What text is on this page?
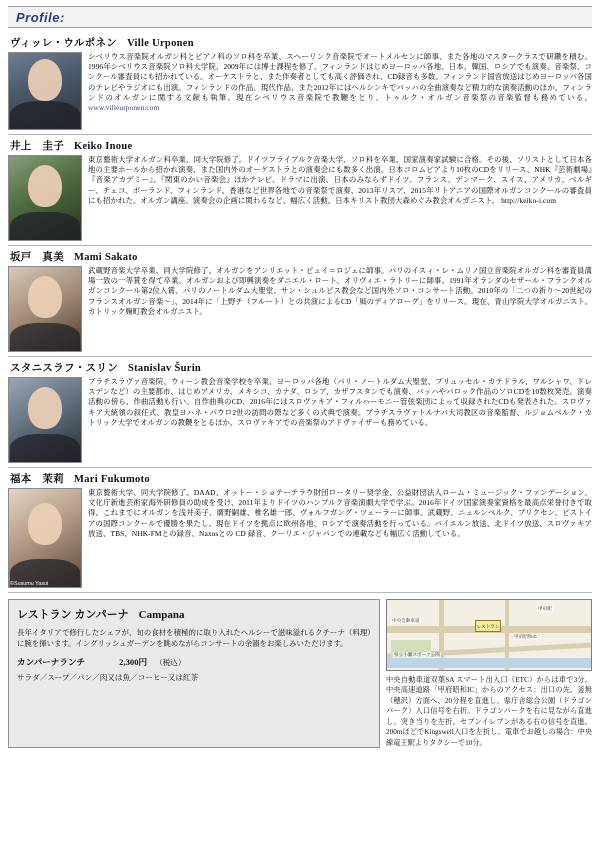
Profile:
ヴィッレ・ウルポネン Ville Urponen
シベリウス音楽院オルガン科とピアノ科のソロ科を卒業、スヘーリンク音楽院でオートメルセンに師事、また各地のマスタークラスで研鑽を積む。1996年シベリウス音楽院ソロ科大学院、2009年には博士課程を修了。フィンランドはじめヨーロッパ各地、日本、韓国、ロシアでも演奏、音楽祭、コンクール審査員にも招かれている。オーケストラと、また伴奏者としても高く評価され、CD録音も多数。フィンランド国営放送はじめヨーロッパ各国のテレビやラジオにも出演。フィンランドの作品、現代作品、また2012年にはヘルシンキでバッハの全曲演奏など精力的な演奏活動のほか、フィンランドのオルガンに関する文献も執筆。現在シベリウス音楽院で教鞭をとり、トゥルク・オルガン音楽祭の音楽監督も務めている。 www.villeurponen.com
井上　圭子 Keiko Inoue
東京藝術大学オルガン科卒業、同大学院修了。ドイツフライブルク音楽大学、ソロ科を卒業、国家演奏家試験に合格。その後、ソリストとして日本各地の主要ホールから招かれ演奏、また国内外のオーケストラとの演奏会にも数多く出演。日本コロムビアより10枚のCDをリリース、NHK『芸術劇場』『音楽アカデミー』、『関東のかい音楽会』ほかテレビ、ドラマに出演、日本のみならずドイツ、フランス、デンマーク、スイス、アメリカ、ベルギー、チェコ、ポーランド、フィンランド、香港など世界各地での音楽祭で演奏、2013年リスア、2015年リトアニアの国際オルガンコンクールの審査員にも招かれた。オルガン講座、演奏会の企画に関わるなど、幅広く活動。日本キリスト教団大森めぐみ教会オルガニスト。 http://keiko-i.com
坂戸　真美 Mami Sakato
武蔵野音楽大学卒業、同大学院修了。オルガンをアンリエット・ピュイ＝ロジェに師事。パリのイスィ・レ・ムリノ国立音楽院オルガン科を審査員満場一致の一等賞を得て卒業。オルガンおよび即興演奏をダニエル・ロート、オリヴィエ・ラトリーに師事。1991年オランダのセザール・フランクオルガンコンクール第2位入賞、パリのノートルダム大聖堂、サン・シュルピス教会など国内外ソロ・コンサート活動。2010年の「二つの祈り〜20世紀のフランスオルガン音楽〜」、2014年に「上野チ（フルート）との共演によるCD「風のディアローグ」をリリース。現在、青山学院大学オルガニスト。カトリック麹町教会オルガニスト。
スタニスラフ・スリン Stanislav Šurin
ブラチスラヴァ音楽院、ウィーン教会音楽学校を卒業、ヨーロッパ各地（パリ・ノートルダム大聖堂、ブリュッセル・カテドラル、ワルシャワ、ドレスデンなど）の主要都市、はじめアメリカ、メキシコ、カナダ、ロシア、カザフスタンでも演奏、バッハやバロック作品のソロCDを10数枚発売。演奏活動の傍ら、作曲活動も行い、自作曲典のCD、2016年にはスロヴァキア・フィルハーモニー管弦楽団によって収録されたCDも発表された。スロヴァキア大統領の叙任式、教皇ヨハネ・パウロ2世の訪問の際など多くの式典で演奏。ブラチスラヴァトルナバ大司教区の音楽監督、ルジョムベルク・カトリック大学でオルガンの教鞭をとるほか、スロヴァキアでの音楽祭のアドヴァイザーも務めている。
福本　茉莉 Mari Fukumoto
©Susumu Yasui
東京藝術大学、同大学院修了。DAAD、オットー・ショテーテラウ財団ロータリー奨学金、公益財団法人ローム・ミュージック・ファンデーション、文化庁新進芸術家海外研修員の助成を受け、2011年よりドイツのハンブルク音楽演劇大学で学ぶ。2016年ドイツ国家演奏家資格を最高点栄誉付きで取得。これまでにオルガンを浅井美子、廣野嗣雄、椎名雄一郎、ヴォルフガング・ツェーラーに師事。武蔵野、ニュルンベルク、ブリクセン、ピストイアの国際コンクールで優勝を果たし、現在ドイツを拠点に欧州各地、ロシアで演奏活動を行っている。バイエルン放送、北ドイツ放送、スロヴァキア放送、TBS、NHK-FMとの録音、Naxosとの CD 録音、クーリエ・ジャパンでの連載なども幅広く活動している。
レストラン カンパーナ Campana
長年イタリアで修行したシェフが、旬の食材を積極的に取り入れたヘルシーで滋味溢れるクチーナ（料理）に腕を揮います。イングリッシュガーデンを眺めながらコンサートの余韻をお楽しみいただけます。
カンパーナランチ	2,300円 （税込）
サラダ／スープ／パン／肉又は魚／コーヒー又は紅茶
レストラン
中央自動車道
甲府昭和IC
県立小瀬スポーツ公園
甲府駅
中央自動車道双葉SA スマート出入口（ETC）からは車で3分。中央高速道路「甲府昭和IC」からのアクセス：出口の先、釜無（穂沢）方面へ、20分程を直進し、県庁舎総合公園（ドラゴンパーク）入口信号を右折。ドラゴンパークを右に見ながら直進し、突き当りを左折。セブンイレブンがある右の信号を直進。200mほどでKingswell入口を左折し、電車でお越しの場合：中央線竜王駅よりタクシーで10分。
